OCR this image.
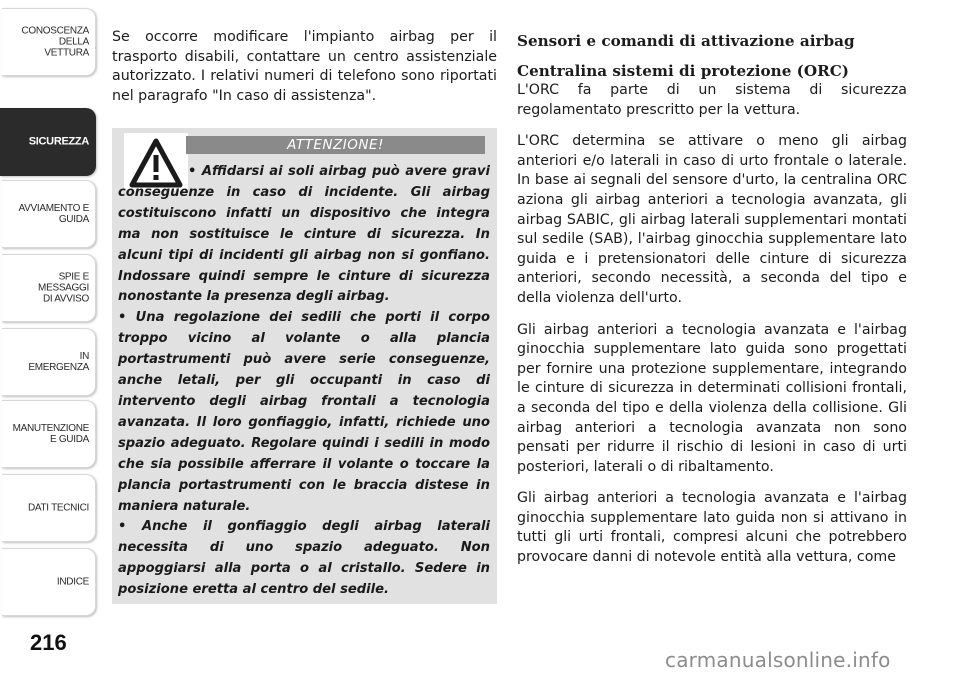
CONOSCENZA DELLA
VETTURA
SICUREZZA
AVVIAMENTO E
GUIDA
SPIE E
MESSAGGI
DI AVVISO
IN
EMERGENZA
MANUTENZIONE
E GUIDA
DATI TECNICI
INDICE
216

Se occorre modificare l'impianto airbag per il trasporto disabili, contattare un centro assistenziale autorizzato. I relativi numeri di telefono sono riportati nel paragrafo "In caso di assistenza".

ATTENZIONE!
• Affidarsi ai soli airbag può avere gravi conseguenze in caso di incidente. Gli airbag costituiscono infatti un dispositivo che integra ma non sostituisce le cinture di sicurezza. In alcuni tipi di incidenti gli airbag non si gonfiano. Indossare quindi sempre le cinture di sicurezza nonostante la presenza degli airbag.
• Una regolazione dei sedili che porti il corpo troppo vicino al volante o alla plancia portastrumenti può avere serie conseguenze, anche letali, per gli occupanti in caso di intervento degli airbag frontali a tecnologia avanzata. Il loro gonfiaggio, infatti, richiede uno spazio adeguato. Regolare quindi i sedili in modo che sia possibile afferrare il volante o toccare la plancia portastrumenti con le braccia distese in maniera naturale.
• Anche il gonfiaggio degli airbag laterali necessita di uno spazio adeguato. Non appoggiarsi alla porta o al cristallo. Sedere in posizione eretta al centro del sedile.
Sensori e comandi di attivazione airbag
Centralina sistemi di protezione (ORC)

L'ORC fa parte di un sistema di sicurezza regolamentato prescritto per la vettura.

L'ORC determina se attivare o meno gli airbag anteriori e/o laterali in caso di urto frontale o laterale. In base ai segnali del sensore d'urto, la centralina ORC aziona gli airbag anteriori a tecnologia avanzata, gli airbag SABIC, gli airbag laterali supplementari montati sul sedile (SAB), l'airbag ginocchia supplementare lato guida e i pretensionatori delle cinture di sicurezza anteriori, secondo necessità, a seconda del tipo e della violenza dell'urto.

Gli airbag anteriori a tecnologia avanzata e l'airbag ginocchia supplementare lato guida sono progettati per fornire una protezione supplementare, integrando le cinture di sicurezza in determinati collisioni frontali, a seconda del tipo e della violenza della collisione. Gli airbag anteriori a tecnologia avanzata non sono pensati per ridurre il rischio di lesioni in caso di urti posteriori, laterali o di ribaltamento.

Gli airbag anteriori a tecnologia avanzata e l'airbag ginocchia supplementare lato guida non si attivano in tutti gli urti frontali, compresi alcuni che potrebbero provocare danni di notevole entità alla vettura, come

carmanualsonline.info
